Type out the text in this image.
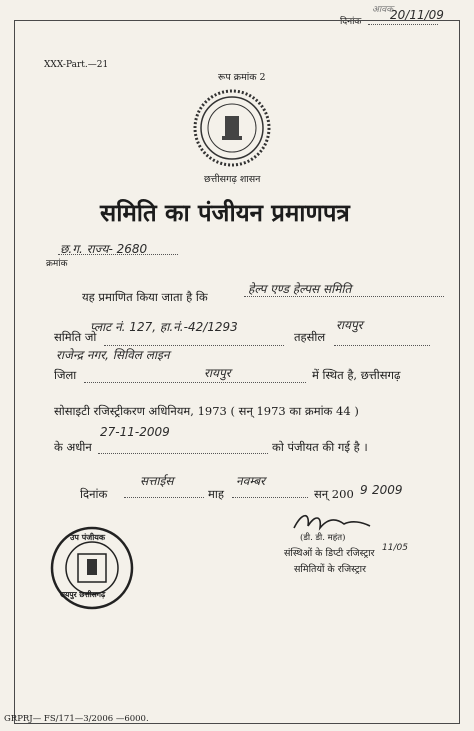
आवक
दिनांक 20/11/09
XXX-Part.—21
रूप क्रमांक 2
छत्तीसगढ़ शासन
समिति का पंजीयन प्रमाणपत्र
छ.ग. राज्य- 2680
क्रमांक
यह प्रमाणित किया जाता है कि
हेल्प एण्ड हेल्पस समिति
प्लाट नं. 127, हा.नं.-42/1293
समिति जो	तहसील
रायपुर
राजेन्द्र नगर, सिविल लाइन
जिला	रायपुर	में स्थित है, छत्तीसगढ़
सोसाइटी रजिस्ट्रीकरण अधिनियम, 1973 ( सन् 1973 का क्रमांक 44 )
27-11-2009
के अधीन	को पंजीयत की गई है ।
दिनांक
सत्ताईस
माह
नवम्बर
सन् 200 9 2009
उप पंजीयक
रायपुर छत्तीसगढ़
11/05
(डी. डी. महंत)
संस्थिओं के डिप्टी रजिस्ट्रार
समितियों के रजिस्ट्रार
GRPRJ— FS/171—3/2006 —6000.
